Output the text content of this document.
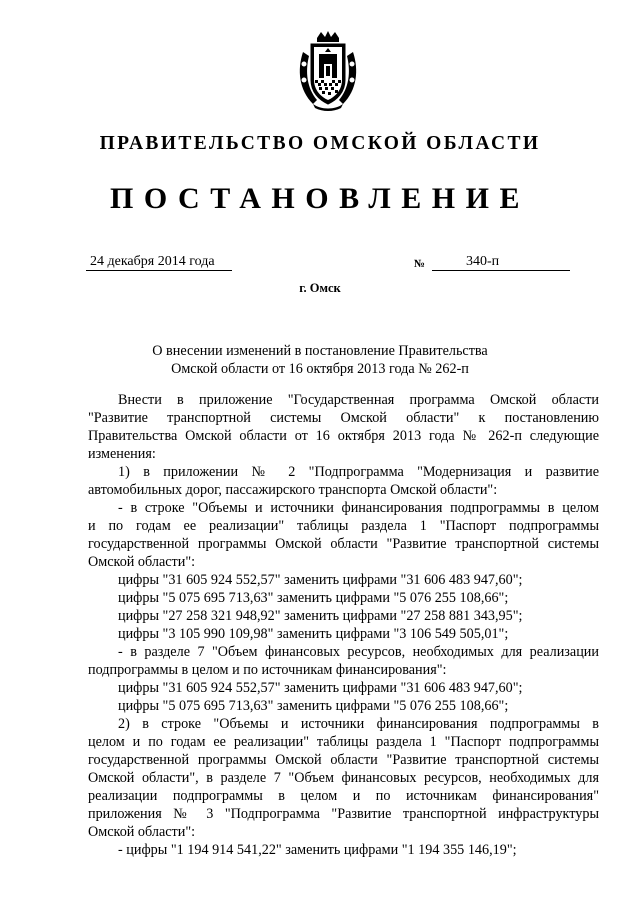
ПРАВИТЕЛЬСТВО ОМСКОЙ ОБЛАСТИ
ПОСТАНОВЛЕНИЕ
24 декабря 2014 года	№	340-п
г. Омск
О внесении изменений в постановление Правительства
Омской области от 16 октября 2013 года № 262-п

Внести в приложение "Государственная программа Омской области

"Развитие транспортной системы Омской области" к постановлению

Правительства Омской области от 16 октября 2013 года № 262-п следующие

изменения:

1) в приложении № 2 "Подпрограмма "Модернизация и развитие

автомобильных дорог, пассажирского транспорта Омской области":

- в строке "Объемы и источники финансирования подпрограммы в целом

и по годам ее реализации" таблицы раздела 1 "Паспорт подпрограммы

государственной программы Омской области "Развитие транспортной системы

Омской области":

цифры "31 605 924 552,57" заменить цифрами "31 606 483 947,60";

цифры "5 075 695 713,63" заменить цифрами "5 076 255 108,66";

цифры "27 258 321 948,92" заменить цифрами "27 258 881 343,95";

цифры "3 105 990 109,98" заменить цифрами "3 106 549 505,01";

- в разделе 7 "Объем финансовых ресурсов, необходимых для реализации

подпрограммы в целом и по источникам финансирования":

цифры "31 605 924 552,57" заменить цифрами "31 606 483 947,60";

цифры "5 075 695 713,63" заменить цифрами "5 076 255 108,66";

2) в строке "Объемы и источники финансирования подпрограммы в

целом и по годам ее реализации" таблицы раздела 1 "Паспорт подпрограммы

государственной программы Омской области "Развитие транспортной системы

Омской области", в разделе 7 "Объем финансовых ресурсов, необходимых для

реализации подпрограммы в целом и по источникам финансирования"

приложения № 3 "Подпрограмма "Развитие транспортной инфраструктуры

Омской области":

- цифры "1 194 914 541,22" заменить цифрами "1 194 355 146,19";
